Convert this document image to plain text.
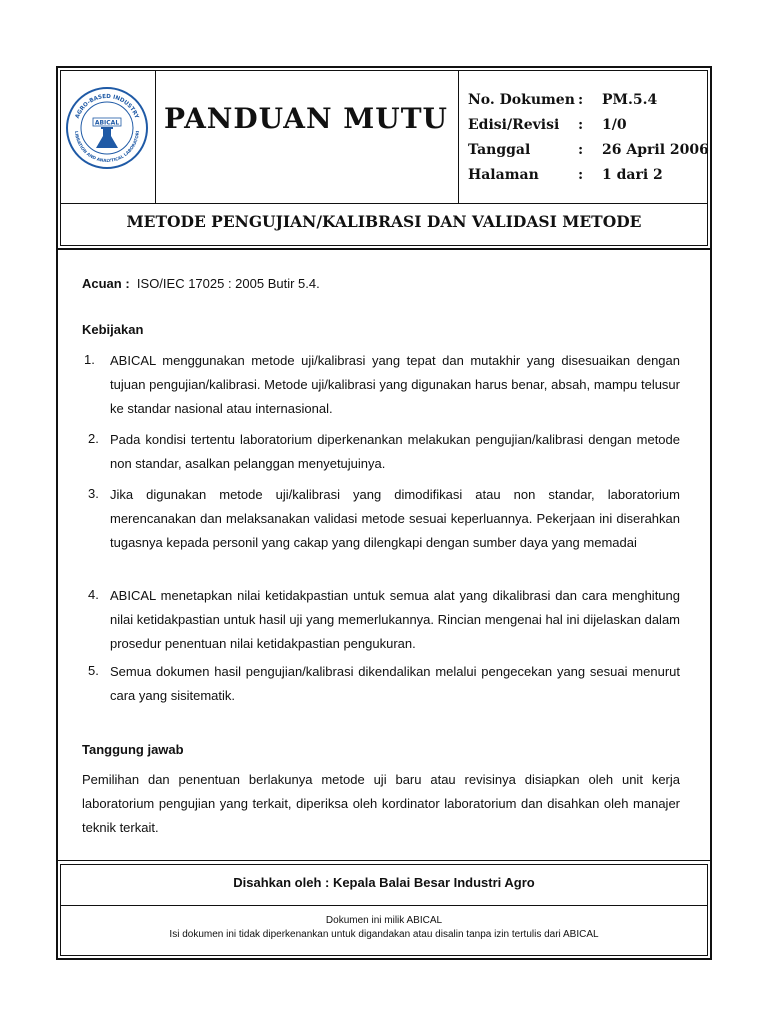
AGRO-BASED INDUSTRY
LIBRATION AND ANALYTICAL LABORATORI
ABICAL PANDUAN MUTU
No. Dokumen :	PM.5.4
Edisi/Revisi	:	1/0
Tanggal	:	26 April 2006
Halaman	:	1 dari 2
METODE PENGUJIAN/KALIBRASI DAN VALIDASI METODE
Acuan : ISO/IEC 17025 : 2005 Butir 5.4.
Kebijakan
1. ABICAL menggunakan metode uji/kalibrasi yang tepat dan mutakhir yang disesuaikan dengan tujuan pengujian/kalibrasi. Metode uji/kalibrasi yang digunakan harus benar, absah, mampu telusur ke standar nasional atau internasional.
2. Pada kondisi tertentu laboratorium diperkenankan melakukan pengujian/kalibrasi dengan metode non standar, asalkan pelanggan menyetujuinya.
3. Jika digunakan metode uji/kalibrasi yang dimodifikasi atau non standar, laboratorium merencanakan dan melaksanakan validasi metode sesuai keperluannya. Pekerjaan ini diserahkan tugasnya kepada personil yang cakap yang dilengkapi dengan sumber daya yang memadai
4. ABICAL menetapkan nilai ketidakpastian untuk semua alat yang dikalibrasi dan cara menghitung nilai ketidakpastian untuk hasil uji yang memerlukannya. Rincian mengenai hal ini dijelaskan dalam prosedur penentuan nilai ketidakpastian pengukuran.
5. Semua dokumen hasil pengujian/kalibrasi dikendalikan melalui pengecekan yang sesuai menurut cara yang sisitematik.
Tanggung jawab
Pemilihan dan penentuan berlakunya metode uji baru atau revisinya disiapkan oleh unit kerja laboratorium pengujian yang terkait, diperiksa oleh kordinator laboratorium dan disahkan oleh manajer teknik terkait.
Disahkan oleh : Kepala Balai Besar Industri Agro
Dokumen ini milik ABICAL
Isi dokumen ini tidak diperkenankan untuk digandakan atau disalin tanpa izin tertulis dari ABICAL
